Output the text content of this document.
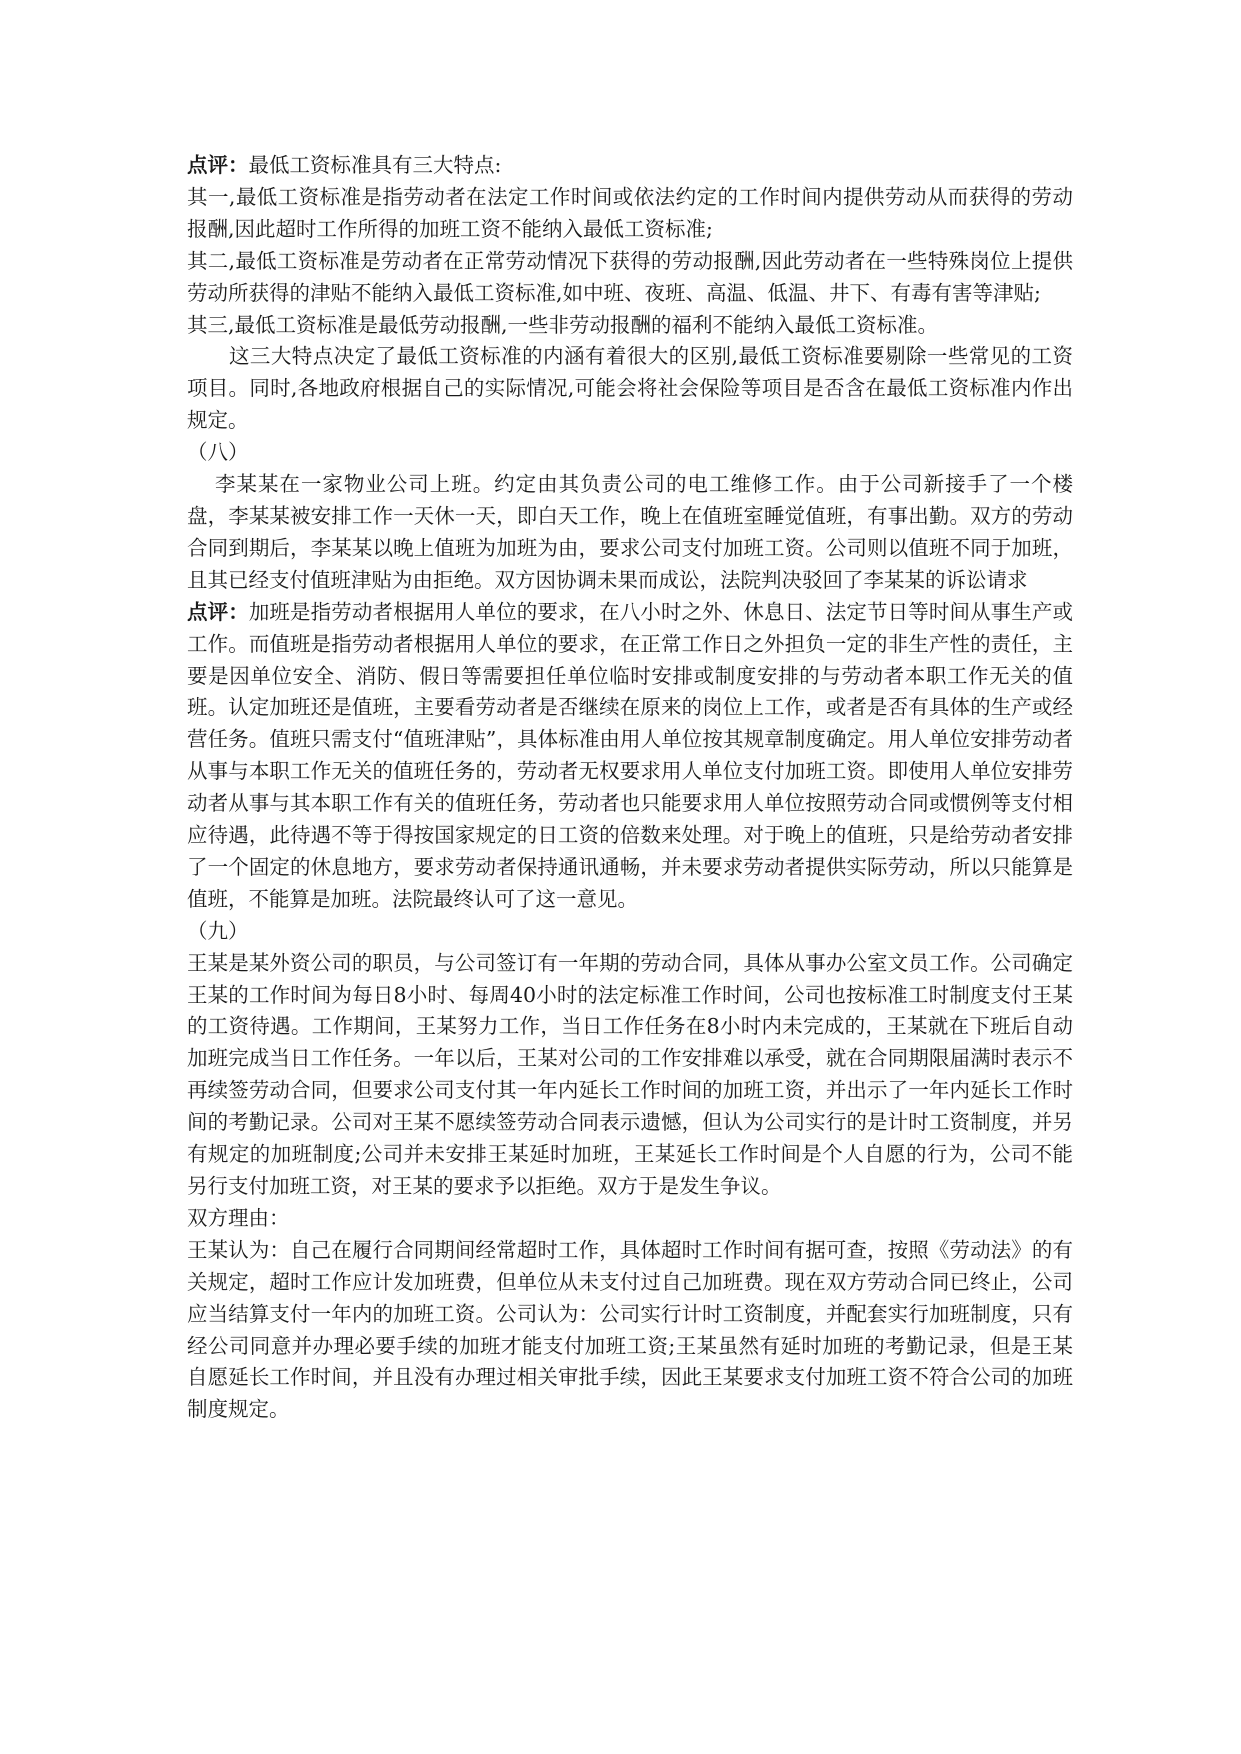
点评：最低工资标准具有三大特点:

其一,最低工资标准是指劳动者在法定工作时间或依法约定的工作时间内提供劳动从而获得的劳动报酬,因此超时工作所得的加班工资不能纳入最低工资标准;

其二,最低工资标准是劳动者在正常劳动情况下获得的劳动报酬,因此劳动者在一些特殊岗位上提供劳动所获得的津贴不能纳入最低工资标准,如中班、夜班、高温、低温、井下、有毒有害等津贴;

其三,最低工资标准是最低劳动报酬,一些非劳动报酬的福利不能纳入最低工资标准。

这三大特点决定了最低工资标准的内涵有着很大的区别,最低工资标准要剔除一些常见的工资项目。同时,各地政府根据自己的实际情况,可能会将社会保险等项目是否含在最低工资标准内作出规定。

（八）

李某某在一家物业公司上班。约定由其负责公司的电工维修工作。由于公司新接手了一个楼盘，李某某被安排工作一天休一天，即白天工作，晚上在值班室睡觉值班，有事出勤。双方的劳动合同到期后，李某某以晚上值班为加班为由，要求公司支付加班工资。公司则以值班不同于加班，且其已经支付值班津贴为由拒绝。双方因协调未果而成讼，法院判决驳回了李某某的诉讼请求

点评：加班是指劳动者根据用人单位的要求，在八小时之外、休息日、法定节日等时间从事生产或工作。而值班是指劳动者根据用人单位的要求，在正常工作日之外担负一定的非生产性的责任，主要是因单位安全、消防、假日等需要担任单位临时安排或制度安排的与劳动者本职工作无关的值班。认定加班还是值班，主要看劳动者是否继续在原来的岗位上工作，或者是否有具体的生产或经营任务。值班只需支付“值班津贴”，具体标准由用人单位按其规章制度确定。用人单位安排劳动者从事与本职工作无关的值班任务的，劳动者无权要求用人单位支付加班工资。即使用人单位安排劳动者从事与其本职工作有关的值班任务，劳动者也只能要求用人单位按照劳动合同或惯例等支付相应待遇，此待遇不等于得按国家规定的日工资的倍数来处理。对于晚上的值班，只是给劳动者安排了一个固定的休息地方，要求劳动者保持通讯通畅，并未要求劳动者提供实际劳动，所以只能算是值班，不能算是加班。法院最终认可了这一意见。

（九）

王某是某外资公司的职员，与公司签订有一年期的劳动合同，具体从事办公室文员工作。公司确定王某的工作时间为每日8小时、每周40小时的法定标准工作时间，公司也按标准工时制度支付王某的工资待遇。工作期间，王某努力工作，当日工作任务在8小时内未完成的，王某就在下班后自动加班完成当日工作任务。一年以后，王某对公司的工作安排难以承受，就在合同期限届满时表示不再续签劳动合同，但要求公司支付其一年内延长工作时间的加班工资，并出示了一年内延长工作时间的考勤记录。公司对王某不愿续签劳动合同表示遗憾，但认为公司实行的是计时工资制度，并另有规定的加班制度;公司并未安排王某延时加班，王某延长工作时间是个人自愿的行为，公司不能另行支付加班工资，对王某的要求予以拒绝。双方于是发生争议。

双方理由：

王某认为：自己在履行合同期间经常超时工作，具体超时工作时间有据可查，按照《劳动法》的有关规定，超时工作应计发加班费，但单位从未支付过自己加班费。现在双方劳动合同已终止，公司应当结算支付一年内的加班工资。公司认为：公司实行计时工资制度，并配套实行加班制度，只有经公司同意并办理必要手续的加班才能支付加班工资;王某虽然有延时加班的考勤记录，但是王某自愿延长工作时间，并且没有办理过相关审批手续，因此王某要求支付加班工资不符合公司的加班制度规定。
